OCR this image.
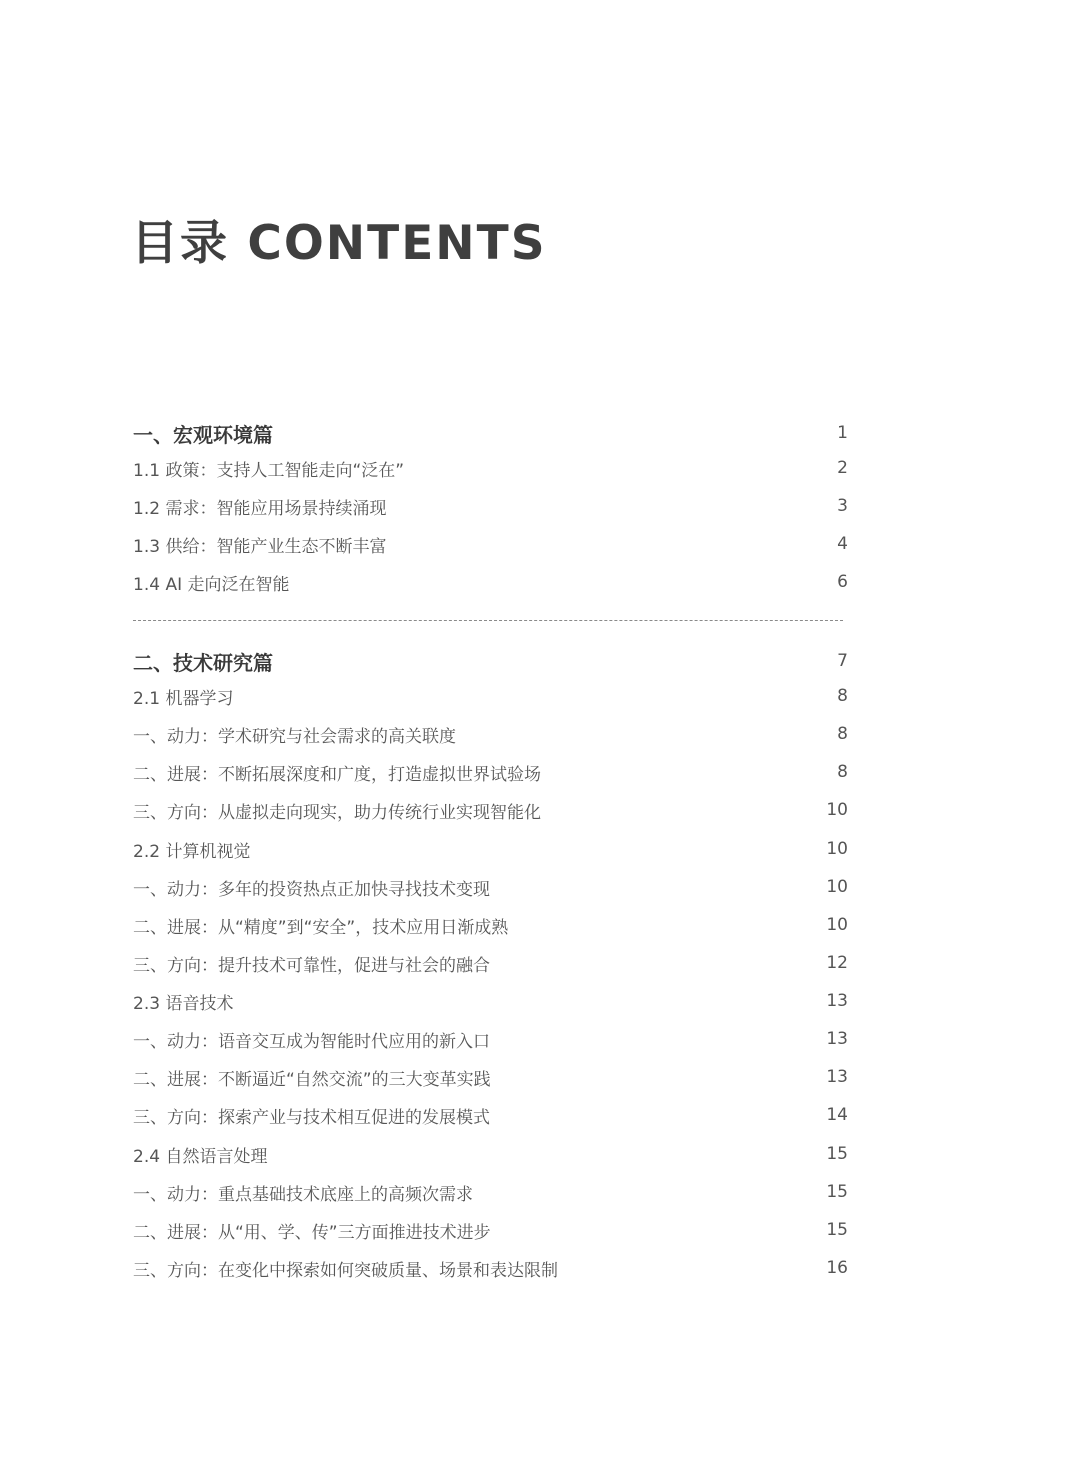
目录 CONTENTS
一、宏观环境篇	1
1.1 政策：支持人工智能走向“泛在”	2
1.2 需求：智能应用场景持续涌现	3
1.3 供给：智能产业生态不断丰富	4
1.4 AI 走向泛在智能	6
二、技术研究篇	7
2.1 机器学习	8
一、动力：学术研究与社会需求的高关联度	8
二、进展：不断拓展深度和广度，打造虚拟世界试验场	8
三、方向：从虚拟走向现实，助力传统行业实现智能化	10
2.2 计算机视觉	10
一、动力：多年的投资热点正加快寻找技术变现	10
二、进展：从“精度”到“安全”，技术应用日渐成熟	10
三、方向：提升技术可靠性，促进与社会的融合	12
2.3 语音技术	13
一、动力：语音交互成为智能时代应用的新入口	13
二、进展：不断逼近“自然交流”的三大变革实践	13
三、方向：探索产业与技术相互促进的发展模式	14
2.4 自然语言处理	15
一、动力：重点基础技术底座上的高频次需求	15
二、进展：从“用、学、传”三方面推进技术进步	15
三、方向：在变化中探索如何突破质量、场景和表达限制	16
